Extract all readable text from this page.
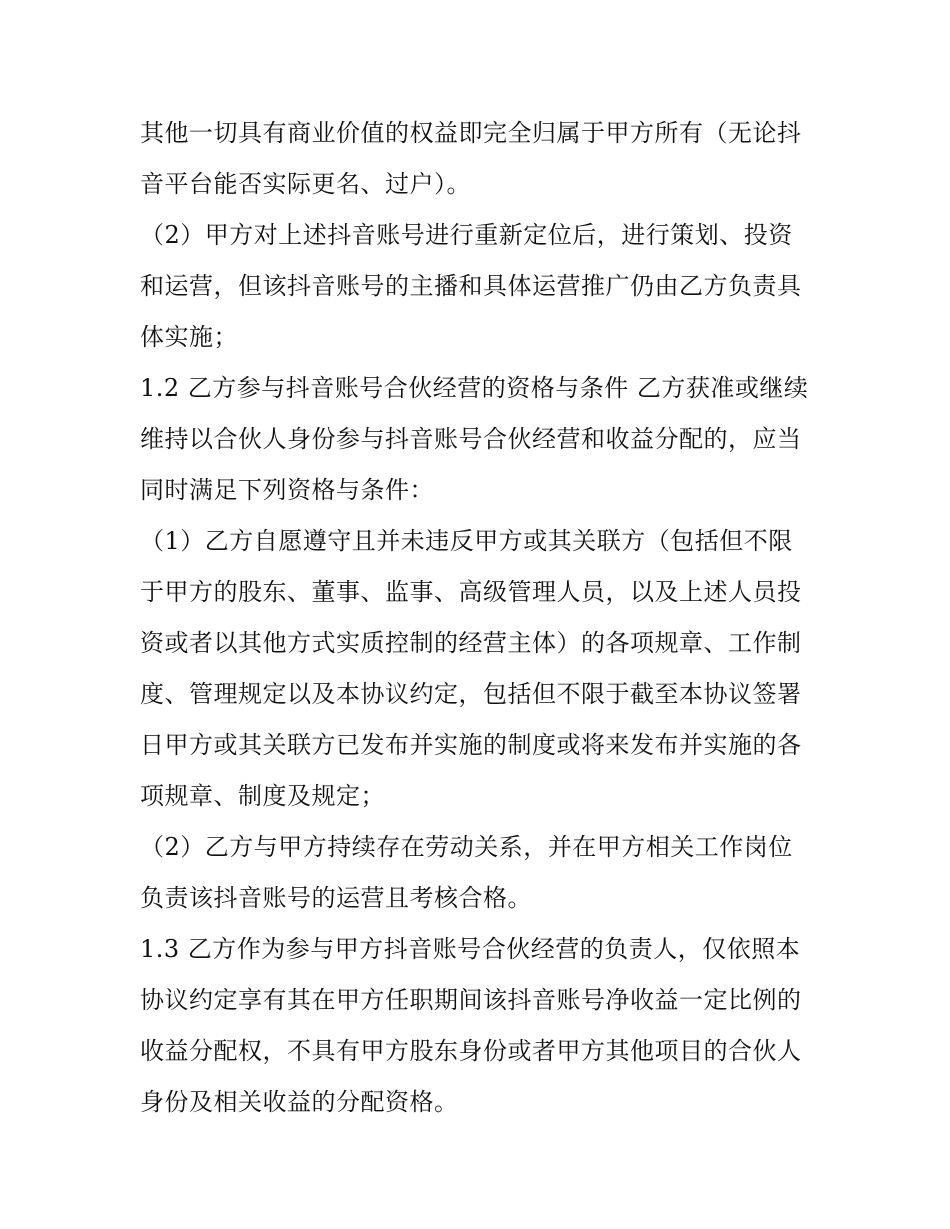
其他一切具有商业价值的权益即完全归属于甲方所有（无论抖
音平台能否实际更名、过户）。
（2）甲方对上述抖音账号进行重新定位后，进行策划、投资
和运营，但该抖音账号的主播和具体运营推广仍由乙方负责具
体实施；
1.2 乙方参与抖音账号合伙经营的资格与条件 乙方获准或继续
维持以合伙人身份参与抖音账号合伙经营和收益分配的，应当
同时满足下列资格与条件：
（1）乙方自愿遵守且并未违反甲方或其关联方（包括但不限
于甲方的股东、董事、监事、高级管理人员，以及上述人员投
资或者以其他方式实质控制的经营主体）的各项规章、工作制
度、管理规定以及本协议约定，包括但不限于截至本协议签署
日甲方或其关联方已发布并实施的制度或将来发布并实施的各
项规章、制度及规定；
（2）乙方与甲方持续存在劳动关系，并在甲方相关工作岗位
负责该抖音账号的运营且考核合格。
1.3 乙方作为参与甲方抖音账号合伙经营的负责人，仅依照本
协议约定享有其在甲方任职期间该抖音账号净收益一定比例的
收益分配权，不具有甲方股东身份或者甲方其他项目的合伙人
身份及相关收益的分配资格。
